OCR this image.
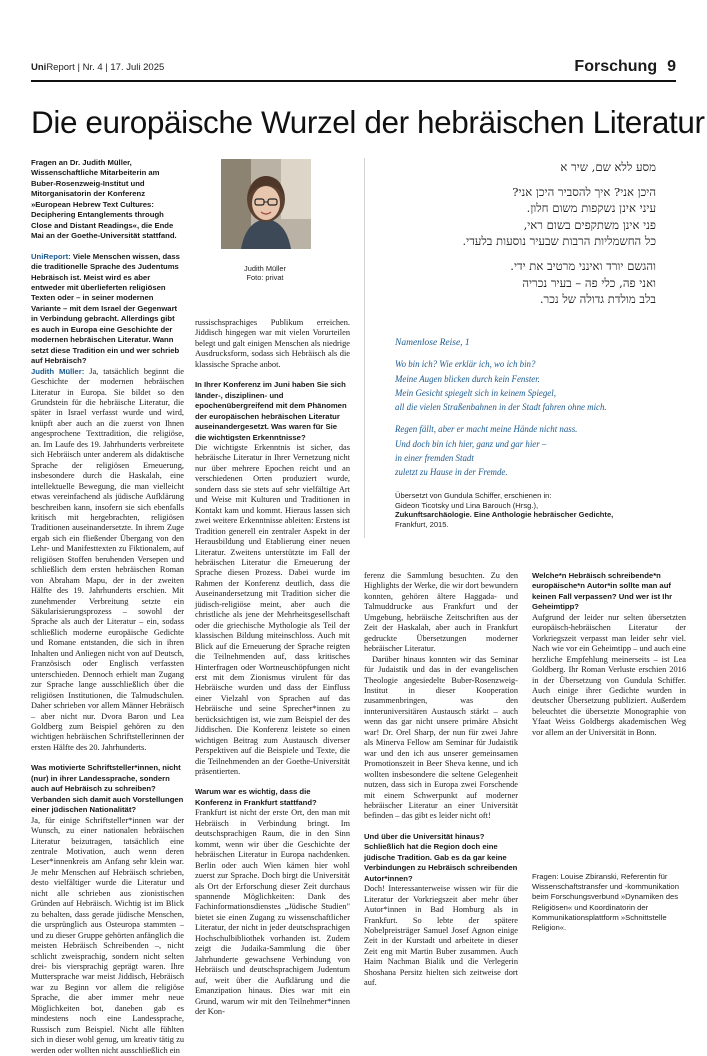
UniReport | Nr. 4 | 17. Juli 2025	Forschung 9
Die europäische Wurzel der hebräischen Literatur

Fragen an Dr. Judith Müller, Wissenschaftliche Mitarbeiterin am Buber-Rosenzweig-Institut und Mitorganisatorin der Konferenz »European Hebrew Text Cultures: Deciphering Entanglements through Close and Distant Readings«, die Ende Mai an der Goethe-Universität stattfand.

UniReport: Viele Menschen wissen, dass die traditionelle Sprache des Judentums Hebräisch ist. Meist wird es aber entweder mit überlieferten religiösen Texten oder – in seiner modernen Variante – mit dem Israel der Gegenwart in Verbindung gebracht. Allerdings gibt es auch in Europa eine Geschichte der modernen hebräischen Literatur. Wann setzt diese Tradition ein und wer schrieb auf Hebräisch?

Judith Müller: Ja, tatsächlich beginnt die Geschichte der modernen hebräischen Literatur in Europa. Sie bildet so den Grundstein für die hebräische Literatur, die später in Israel verfasst wurde und wird, knüpft aber auch an die zuerst von Ihnen angesprochene Texttradition, die religiöse, an. Im Laufe des 19. Jahrhunderts verbreitete sich Hebräisch unter anderem als didaktische Sprache der religiösen Erneuerung, insbesondere durch die Haskalah, eine intellektuelle Bewegung, die man vielleicht etwas vereinfachend als jüdische Aufklärung beschreiben kann, insofern sie sich ebenfalls kritisch mit hergebrachten, religiösen Traditionen auseinandersetzte. In ihrem Zuge ergab sich ein fließender Übergang von den Lehr- und Manifesttexten zu Fiktionalem, auf religiösen Stoffen beruhenden Versepen und schließlich dem ersten hebräischen Roman von Abraham Mapu, der in der zweiten Hälfte des 19. Jahrhunderts erschien. Mit zunehmender Verbreitung setzte ein Säkularisierungsprozess – sowohl der Sprache als auch der Literatur – ein, sodass schließlich moderne europäische Gedichte und Romane entstanden, die sich in ihren Inhalten und Anliegen nicht von auf Deutsch, Französisch oder Englisch verfassten unterschieden. Dennoch erhielt man Zugang zur Sprache lange ausschließlich über die religiösen Institutionen, die Talmudschulen. Daher schrieben vor allem Männer Hebräisch – aber nicht nur. Dvora Baron und Lea Goldberg zum Beispiel gehören zu den wichtigen hebräischen Schriftstellerinnen der ersten Hälfte des 20. Jahrhunderts.

Was motivierte Schriftsteller*innen, nicht (nur) in ihrer Landessprache, sondern auch auf Hebräisch zu schreiben? Verbanden sich damit auch Vorstellungen einer jüdischen Nationalität?

Ja, für einige Schriftsteller*innen war der Wunsch, zu einer nationalen hebräischen Literatur beizutragen, tatsächlich eine zentrale Motivation, auch wenn deren Leser*innenkreis am Anfang sehr klein war. Je mehr Menschen auf Hebräisch schrieben, desto vielfältiger wurde die Literatur und nicht alle schrieben aus zionistischen Gründen auf Hebräisch. Wichtig ist im Blick zu behalten, dass gerade jüdische Menschen, die ursprünglich aus Osteuropa stammten – und zu dieser Gruppe gehörten anfänglich die meisten Hebräisch Schreibenden –, nicht schlicht zweisprachig, sondern nicht selten drei- bis viersprachig geprägt waren. Ihre Muttersprache war meist Jiddisch, Hebräisch war zu Beginn vor allem die religiöse Sprache, die aber immer mehr neue Möglichkeiten bot, daneben gab es mindestens noch eine Landessprache, Russisch zum Beispiel. Nicht alle fühlten sich in dieser wohl genug, um kreativ tätig zu werden oder wollten nicht ausschließlich ein

Judith Müller
Foto: privat

russischsprachiges Publikum erreichen. Jiddisch hingegen war mit vielen Vorurteilen belegt und galt einigen Menschen als niedrige Ausdrucksform, sodass sich Hebräisch als die klassische Sprache anbot.

In Ihrer Konferenz im Juni haben Sie sich länder-, disziplinen- und epochenübergreifend mit dem Phänomen der europäischen hebräischen Literatur auseinandergesetzt. Was waren für Sie die wichtigsten Erkenntnisse?

Die wichtigste Erkenntnis ist sicher, das hebräische Literatur in Ihrer Vernetzung nicht nur über mehrere Epochen reicht und an verschiedenen Orten produziert wurde, sondern dass sie stets auf sehr vielfältige Art und Weise mit Kulturen und Traditionen in Kontakt kam und kommt. Hieraus lassen sich zwei weitere Erkenntnisse ableiten: Erstens ist Tradition generell ein zentraler Aspekt in der Herausbildung und Etablierung einer neuen Literatur. Zweitens unterstützte im Fall der hebräischen Literatur die Erneuerung der Sprache diesen Prozess. Dabei wurde im Rahmen der Konferenz deutlich, dass die Auseinandersetzung mit Tradition sicher die jüdisch-religiöse meint, aber auch die christliche als jene der Mehrheitsgesellschaft oder die griechische Mythologie als Teil der klassischen Bildung miteinschloss. Auch mit Blick auf die Erneuerung der Sprache reigten die Teilnehmenden auf, dass kritisches Hinterfragen oder Wortneuschöpfungen nicht erst mit dem Zionismus virulent für das Hebräische wurden und dass der Einfluss einer Vielzahl von Sprachen auf das Hebräische und seine Sprecher*innen zu berücksichtigen ist, wie zum Beispiel der des Jiddischen. Die Konferenz leistete so einen wichtigen Beitrag zum Austausch diverser Perspektiven auf die Beispiele und Texte, die die Teilnehmenden an der Goethe-Universität präsentierten.

Warum war es wichtig, dass die Konferenz in Frankfurt stattfand?

Frankfurt ist nicht der erste Ort, den man mit Hebräisch in Verbindung bringt. Im deutschsprachigen Raum, die in den Sinn kommt, wenn wir über die Geschichte der hebräischen Literatur in Europa nachdenken. Berlin oder auch Wien kämen hier wohl zuerst zur Sprache. Doch birgt die Universität als Ort der Erforschung dieser Zeit durchaus spannende Möglichkeiten: Dank des Fachinformationsdienstes „Jüdische Studien" bietet sie einen Zugang zu wissenschaftlicher Literatur, der nicht in jeder deutschsprachigen Hochschulbibliothek vorhanden ist. Zudem zeigt die Judaika-Sammlung die über Jahrhunderte gewachsene Verbindung von Hebräisch und deutschsprachigem Judentum auf, weit über die Aufklärung und die Emanzipation hinaus. Dies war mit ein Grund, warum wir mit den Teilnehmer*innen der Kon-

מסע ללא שם, שיר א
היכן אני? איך להסביר היכן אני?
עיני אינן נשקפות משום חלון.
פני אינן משתקפים בשום ראי,
כל החשמליות הרבות שבעיר נוסעות בלעדי.
והגשם יורד ואינני מרטיב את ידי.
ואני פה, כלי פה – בעיר נכריה
בלב מולדת גדולה של נכר.
Namenlose Reise, 1
Wo bin ich? Wie erklär ich, wo ich bin?
Meine Augen blicken durch kein Fenster.
Mein Gesicht spiegelt sich in keinem Spiegel,
all die vielen Straßenbahnen in der Stadt fahren ohne mich.
Regen fällt, aber er macht meine Hände nicht nass.
Und doch bin ich hier, ganz und gar hier –
in einer fremden Stadt
zuletzt zu Hause in der Fremde.
Übersetzt von Gundula Schiffer, erschienen in:
Gideon Ticotsky und Lina Barouch (Hrsg.),
Zukunftsarchäologie. Eine Anthologie hebräischer Gedichte,
Frankfurt, 2015.

ferenz die Sammlung besuchten. Zu den Highlights der Werke, die wir dort bewundern konnten, gehören ältere Haggada- und Talmuddrucke aus Frankfurt und der Umgebung, hebräische Zeitschriften aus der Zeit der Haskalah, aber auch in Frankfurt gedruckte Übersetzungen moderner hebräischer Literatur.

Darüber hinaus konnten wir das Seminar für Judaistik und das in der evangelischen Theologie angesiedelte Buber-Rosenzweig-Institut in dieser Kooperation zusammenbringen, was den innteruniversitären Austausch stärkt – auch wenn das gar nicht unsere primäre Absicht war! Dr. Orel Sharp, der nun für zwei Jahre als Minerva Fellow am Seminar für Judaistik war und den ich aus unserer gemeinsamen Promotionszeit in Beer Sheva kenne, und ich wollten insbesondere die seltene Gelegenheit nutzen, dass sich in Europa zwei Forschende mit einem Schwerpunkt auf moderner hebräischer Literatur an einer Universität befinden – das gibt es leider nicht oft!

Und über die Universität hinaus? Schließlich hat die Region doch eine jüdische Tradition. Gab es da gar keine Verbindungen zu Hebräisch schreibenden Autor*innen?

Doch! Interessanterweise wissen wir für die Literatur der Vorkriegszeit aber mehr über Autor*innen in Bad Homburg als in Frankfurt. So lebte der spätere Nobelpreisträger Samuel Josef Agnon einige Zeit in der Kurstadt und arbeitete in dieser Zeit eng mit Martin Buber zusammen. Auch Haim Nachman Bialik und die Verlegerin Shoshana Persitz hielten sich zeitweise dort auf.

Welche*n Hebräisch schreibende*n europäische*n Autor*in sollte man auf keinen Fall verpassen? Und wer ist Ihr Geheimtipp?

Aufgrund der leider nur selten übersetzten europäisch-hebräischen Literatur der Vorkriegszeit verpasst man leider sehr viel. Nach wie vor ein Geheimtipp – und auch eine herzliche Empfehlung meinerseits – ist Lea Goldberg. Ihr Roman Verluste erschien 2016 in der Übersetzung von Gundula Schiffer. Auch einige ihrer Gedichte wurden in deutscher Übersetzung publiziert. Außerdem beleuchtet die übersetzte Monographie von Yfaat Weiss Goldbergs akademischen Weg vor allem an der Universität in Bonn.

Fragen: Louise Zbiranski, Referentin für Wissenschaftstransfer und -kommunikation beim Forschungsverbund »Dynamiken des Religiösen« und Koordinatorin der Kommunikationsplattform »Schnittstelle Religion«.
